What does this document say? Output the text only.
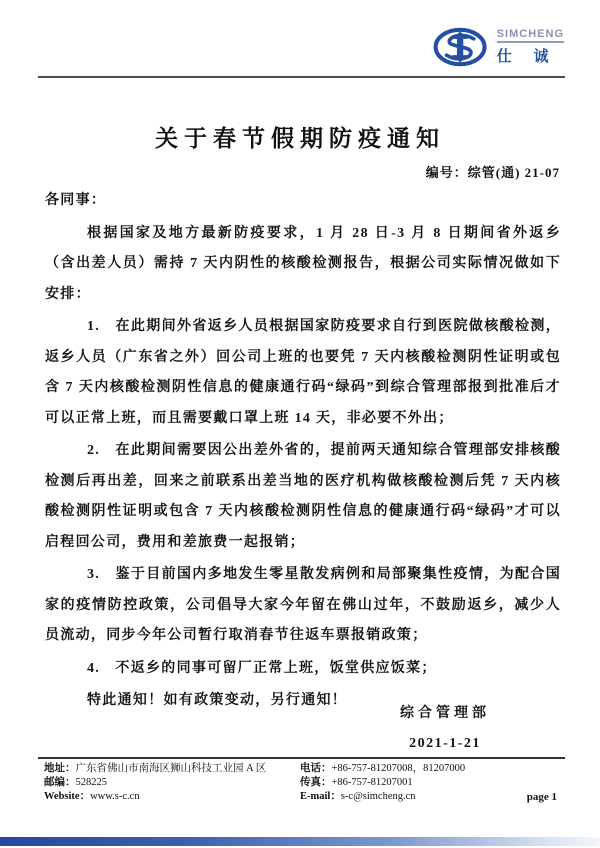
SIMCHENG
仕 诚
关于春节假期防疫通知
编号：综管(通) 21-07

各同事：

根据国家及地方最新防疫要求，1 月 28 日-3 月 8 日期间省外返乡（含出差人员）需持 7 天内阴性的核酸检测报告，根据公司实际情况做如下安排：

1.　在此期间外省返乡人员根据国家防疫要求自行到医院做核酸检测，返乡人员（广东省之外）回公司上班的也要凭 7 天内核酸检测阴性证明或包含 7 天内核酸检测阴性信息的健康通行码“绿码”到综合管理部报到批准后才可以正常上班，而且需要戴口罩上班 14 天，非必要不外出；

2.　在此期间需要因公出差外省的，提前两天通知综合管理部安排核酸检测后再出差，回来之前联系出差当地的医疗机构做核酸检测后凭 7 天内核酸检测阴性证明或包含 7 天内核酸检测阴性信息的健康通行码“绿码”才可以启程回公司，费用和差旅费一起报销；

3.　鉴于目前国内多地发生零星散发病例和局部聚集性疫情，为配合国家的疫情防控政策，公司倡导大家今年留在佛山过年，不鼓励返乡，减少人员流动，同步今年公司暂行取消春节往返车票报销政策；

4.　不返乡的同事可留厂正常上班，饭堂供应饭菜；

特此通知！如有政策变动，另行通知！

综合管理部
2021-1-21
地址：广东省佛山市南海区狮山科技工业园 A 区
邮编：528225
Website：www.s-c.cn
电话：+86-757-81207008，81207000
传真：+86-757-81207001
E-mail：s-c@simcheng.cn	page 1
